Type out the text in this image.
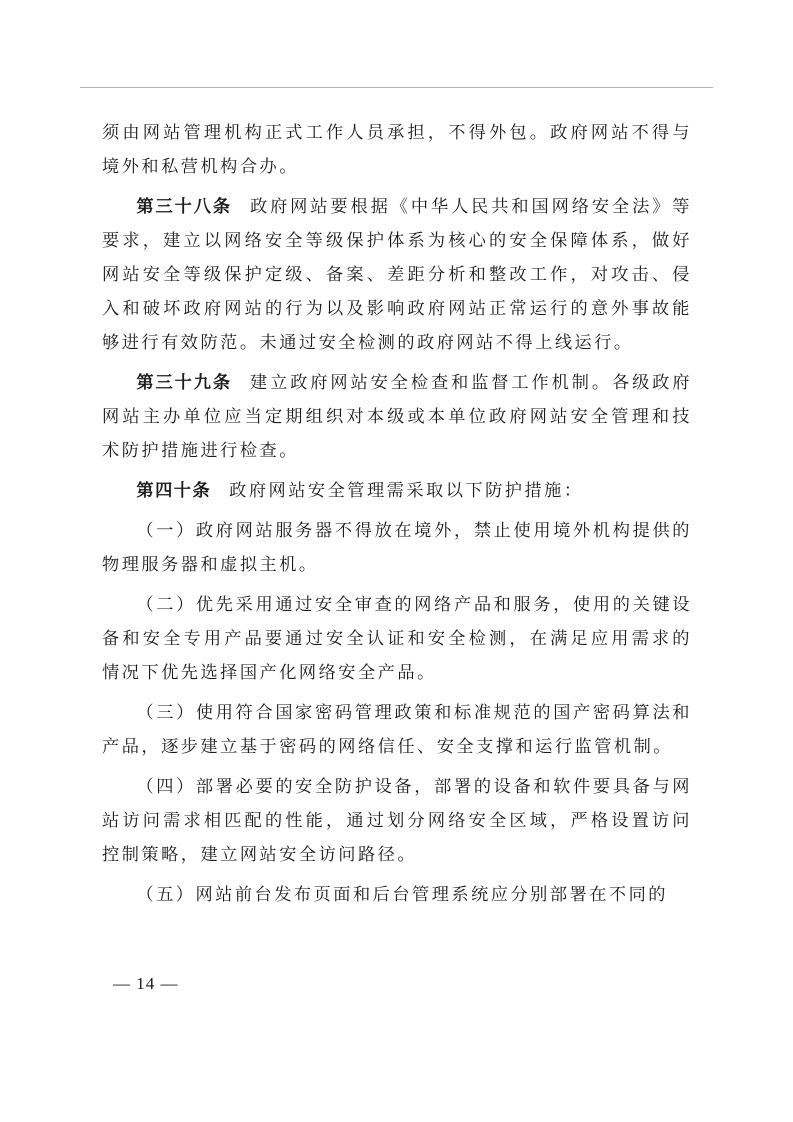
须由网站管理机构正式工作人员承担，不得外包。政府网站不得与境外和私营机构合办。

第三十八条 政府网站要根据《中华人民共和国网络安全法》等要求，建立以网络安全等级保护体系为核心的安全保障体系，做好网站安全等级保护定级、备案、差距分析和整改工作，对攻击、侵入和破坏政府网站的行为以及影响政府网站正常运行的意外事故能够进行有效防范。未通过安全检测的政府网站不得上线运行。

第三十九条 建立政府网站安全检查和监督工作机制。各级政府网站主办单位应当定期组织对本级或本单位政府网站安全管理和技术防护措施进行检查。

第四十条 政府网站安全管理需采取以下防护措施：

（一）政府网站服务器不得放在境外，禁止使用境外机构提供的物理服务器和虚拟主机。

（二）优先采用通过安全审查的网络产品和服务，使用的关键设备和安全专用产品要通过安全认证和安全检测，在满足应用需求的情况下优先选择国产化网络安全产品。

（三）使用符合国家密码管理政策和标准规范的国产密码算法和产品，逐步建立基于密码的网络信任、安全支撑和运行监管机制。

（四）部署必要的安全防护设备，部署的设备和软件要具备与网站访问需求相匹配的性能，通过划分网络安全区域，严格设置访问控制策略，建立网站安全访问路径。

（五）网站前台发布页面和后台管理系统应分别部署在不同的

— 14 —
